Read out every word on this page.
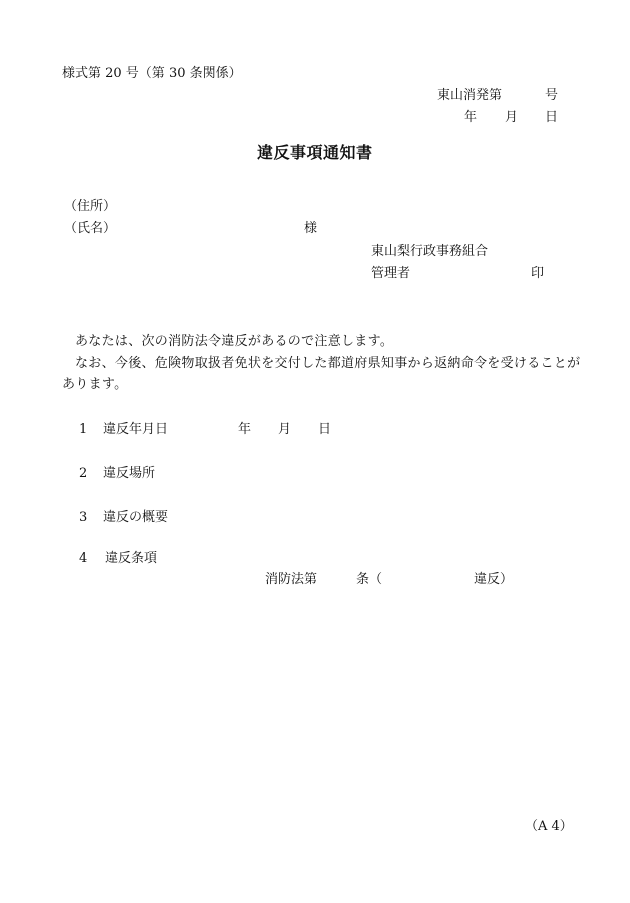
様式第 20 号（第 30 条関係）
東山消発第	号
年 月 日
違反事項通知書
（住所）
（氏名）	様
東山梨行政事務組合
管理者	印
あなたは、次の消防法令違反があるので注意します。
なお、今後、危険物取扱者免状を交付した都道府県知事から返納命令を受けることがあります。
1 違反年月日	年 月 日
2 違反場所
3 違反の概要
4 違反条項
消防法第	条（	違反）
（A 4）
